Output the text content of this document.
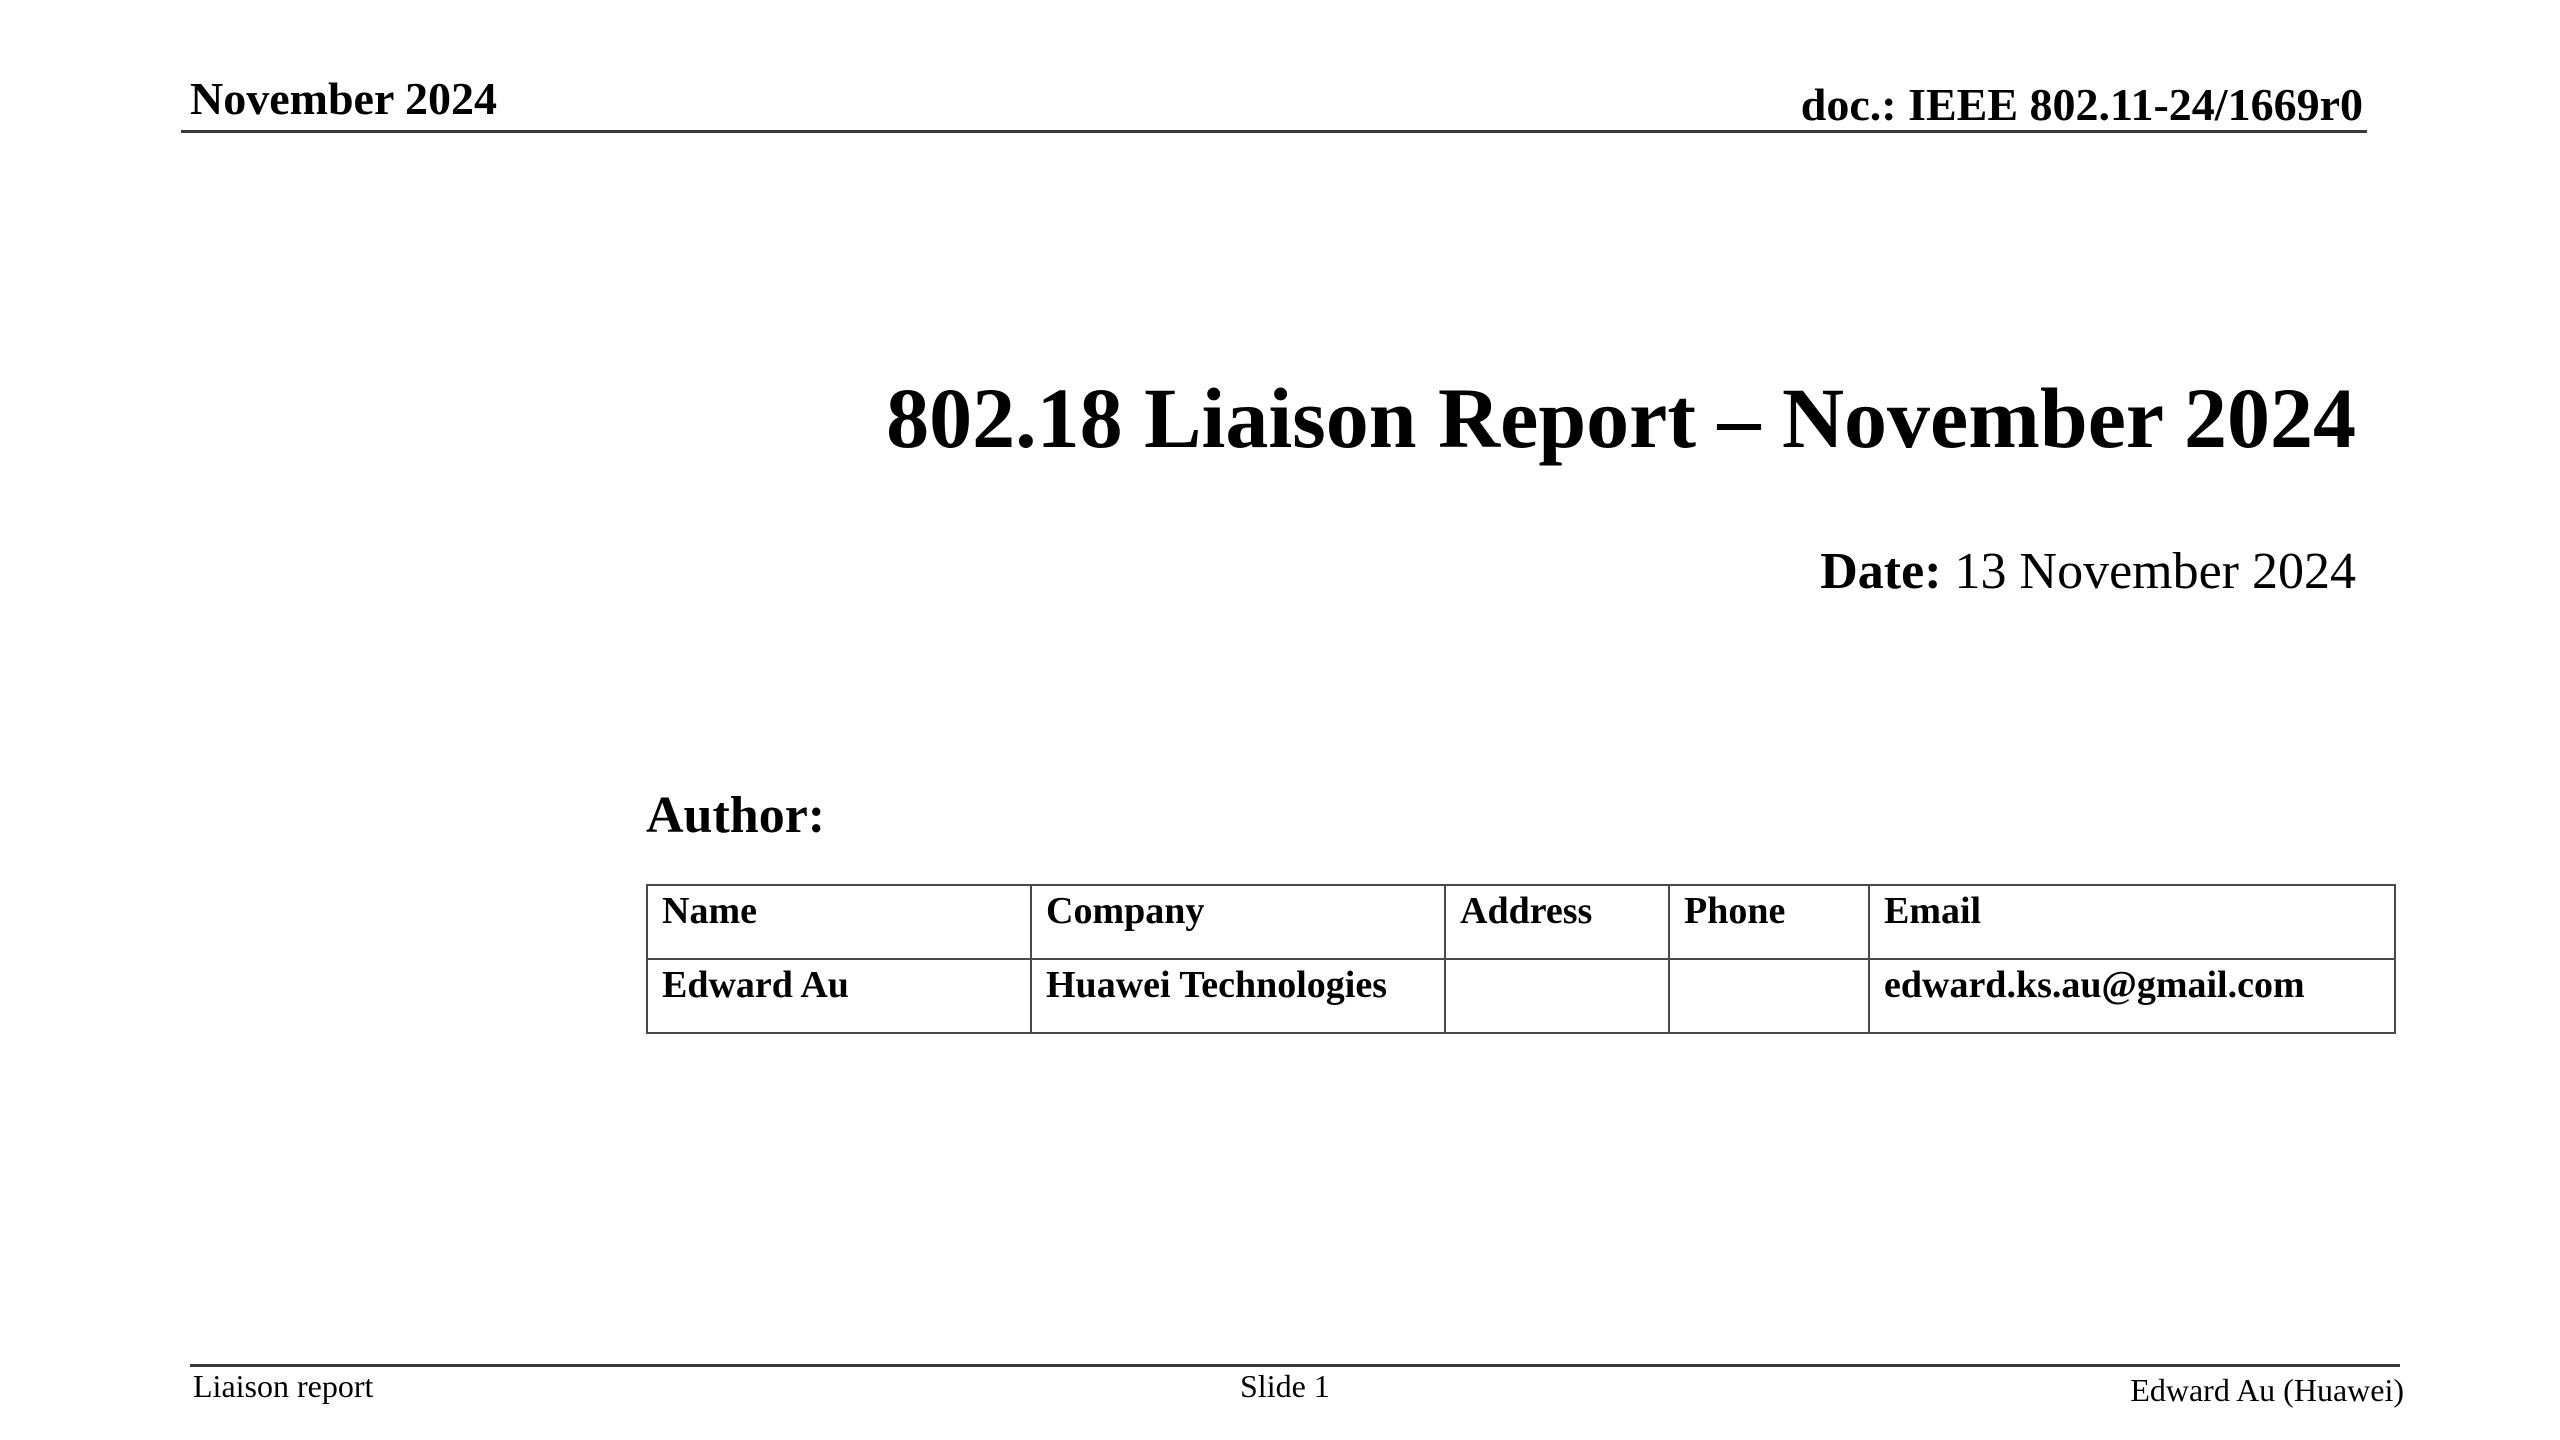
November 2024	doc.: IEEE 802.11-24/1669r0
802.18 Liaison Report – November 2024
Date: 13 November 2024
Author:
Name	Company	Address	Phone	Email
Edward Au	Huawei Technologies			edward.ks.au@gmail.com
Liaison report	Slide 1	Edward Au (Huawei)
